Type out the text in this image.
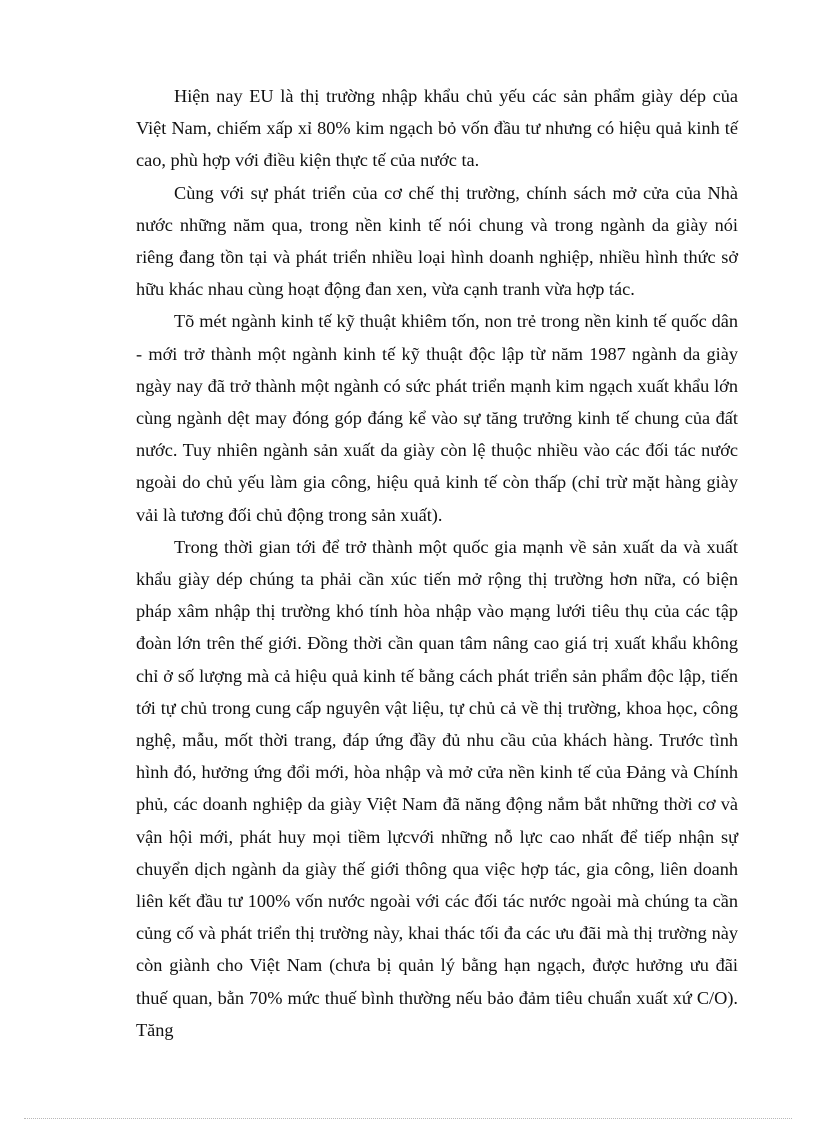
Hiện nay EU là thị trường nhập khẩu chủ yếu các sản phẩm giày dép của Việt Nam, chiếm xấp xỉ 80% kim ngạch bỏ vốn đầu tư nhưng có hiệu quả kinh tế cao, phù hợp với điều kiện thực tế của nước ta.

Cùng với sự phát triển của cơ chế thị trường, chính sách mở cửa của Nhà nước những năm qua, trong nền kinh tế nói chung và trong ngành da giày nói riêng đang tồn tại và phát triển nhiều loại hình doanh nghiệp, nhiều hình thức sở hữu khác nhau cùng hoạt động đan xen, vừa cạnh tranh vừa hợp tác.

Tõ mét ngành kinh tế kỹ thuật khiêm tốn, non trẻ trong nền kinh tế quốc dân - mới trở thành một ngành kinh tế kỹ thuật độc lập từ năm 1987 ngành da giày ngày nay đã trở thành một ngành có sức phát triển mạnh kim ngạch xuất khẩu lớn cùng ngành dệt may đóng góp đáng kể vào sự tăng trưởng kinh tế chung của đất nước. Tuy nhiên ngành sản xuất da giày còn lệ thuộc nhiều vào các đối tác nước ngoài do chủ yếu làm gia công, hiệu quả kinh tế còn thấp (chỉ trừ mặt hàng giày vải là tương đối chủ động trong sản xuất).

Trong thời gian tới để trở thành một quốc gia mạnh về sản xuất da và xuất khẩu giày dép chúng ta phải cần xúc tiến mở rộng thị trường hơn nữa, có biện pháp xâm nhập thị trường khó tính hòa nhập vào mạng lưới tiêu thụ của các tập đoàn lớn trên thế giới. Đồng thời cần quan tâm nâng cao giá trị xuất khẩu không chỉ ở số lượng mà cả hiệu quả kinh tế bằng cách phát triển sản phẩm độc lập, tiến tới tự chủ trong cung cấp nguyên vật liệu, tự chủ cả về thị trường, khoa học, công nghệ, mẫu, mốt thời trang, đáp ứng đầy đủ nhu cầu của khách hàng. Trước tình hình đó, hưởng ứng đổi mới, hòa nhập và mở cửa nền kinh tế của Đảng và Chính phủ, các doanh nghiệp da giày Việt Nam đã năng động nắm bắt những thời cơ và vận hội mới, phát huy mọi tiềm lựcvới những nỗ lực cao nhất để tiếp nhận sự chuyển dịch ngành da giày thế giới thông qua việc hợp tác, gia công, liên doanh liên kết đầu tư 100% vốn nước ngoài với các đối tác nước ngoài mà chúng ta cần củng cố và phát triển thị trường này, khai thác tối đa các ưu đãi mà thị trường này còn giành cho Việt Nam (chưa bị quản lý bằng hạn ngạch, được hưởng ưu đãi thuế quan, bằn 70% mức thuế bình thường nếu bảo đảm tiêu chuẩn xuất xứ C/O). Tăng
